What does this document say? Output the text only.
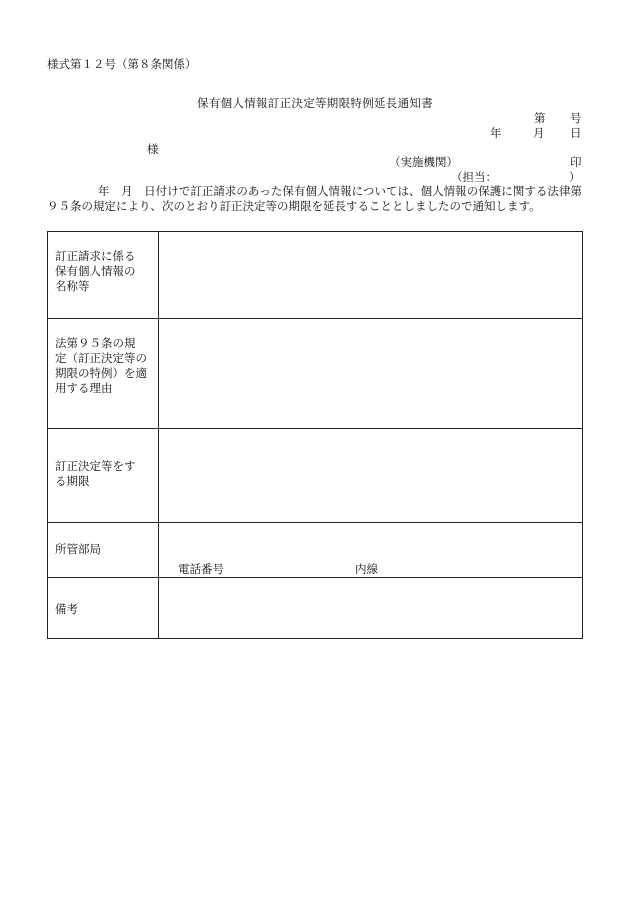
様式第１２号（第８条関係）
保有個人情報訂正決定等期限特例延長通知書
第 号
年	月 日
様
（実施機関）	印
（担当：	）
年　月　日付けで訂正請求のあった保有個人情報については、個人情報の保護に関する法律第９５条の規定により、次のとおり訂正決定等の期限を延長することとしましたので通知します。
訂正請求に係る
保有個人情報の
名称等	

法第９５条の規
定（訂正決定等の
期限の特例）を適
用する理由	

訂正決定等をす
る期限	

所管部局	電話番号 内線

備考	
